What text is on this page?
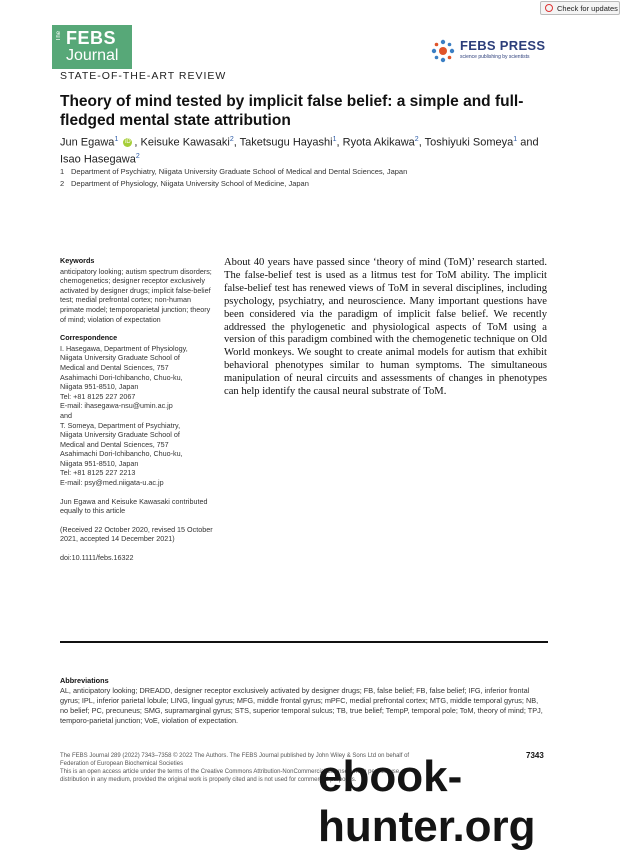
Check for updates
The FEBS
Journal
FEBS PRESS
science publishing by scientists
STATE-OF-THE-ART REVIEW
Theory of mind tested by implicit false belief: a simple and full-fledged mental state attribution
Jun Egawa$^1$ iD , Keisuke Kawasaki$^2$, Taketsugu Hayashi$^1$, Ryota Akikawa$^2$, Toshiyuki Someya$^1$ and
Isao Hasegawa$^2$
1 Department of Psychiatry, Niigata University Graduate School of Medical and Dental Sciences, Japan
2 Department of Physiology, Niigata University School of Medicine, Japan
Keywords
anticipatory looking; autism spectrum disorders; chemogenetics; designer receptor exclusively activated by designer drugs; implicit false-belief test; medial prefrontal cortex; non-human primate model; temporoparietal junction; theory of mind; violation of expectation
Correspondence
I. Hasegawa, Department of Physiology,
Niigata University Graduate School of
Medical and Dental Sciences, 757
Asahimachi Dori-Ichibancho, Chuo-ku,
Niigata 951-8510, Japan
Tel: +81 8125 227 2067
E-mail: ihasegawa-nsu@umin.ac.jp
and
T. Someya, Department of Psychiatry,
Niigata University Graduate School of
Medical and Dental Sciences, 757
Asahimachi Dori-Ichibancho, Chuo-ku,
Niigata 951-8510, Japan
Tel: +81 8125 227 2213
E-mail: psy@med.niigata-u.ac.jp
Jun Egawa and Keisuke Kawasaki contributed equally to this article
(Received 22 October 2020, revised 15 October 2021, accepted 14 December 2021)
doi:10.1111/febs.16322
About 40 years have passed since ‘theory of mind (ToM)’ research started. The false-belief test is used as a litmus test for ToM ability. The implicit false-belief test has renewed views of ToM in several disciplines, including psychology, psychiatry, and neuroscience. Many important questions have been considered via the paradigm of implicit false belief. We recently addressed the phylogenetic and physiological aspects of ToM using a version of this paradigm combined with the chemogenetic technique on Old World monkeys. We sought to create animal models for autism that exhibit behavioral phenotypes similar to human symptoms. The simultaneous manipulation of neural circuits and assessments of changes in phenotypes can help identify the causal neural substrate of ToM.
Abbreviations
AL, anticipatory looking; DREADD, designer receptor exclusively activated by designer drugs; FB, false belief; FB, false belief; IFG, inferior frontal gyrus; IPL, inferior parietal lobule; LING, lingual gyrus; MFG, middle frontal gyrus; mPFC, medial prefrontal cortex; MTG, middle temporal gyrus; NB, no belief; PC, precuneus; SMG, supramarginal gyrus; STS, superior temporal sulcus; TB, true belief; TempP, temporal pole; ToM, theory of mind; TPJ, temporo-parietal junction; VoE, violation of expectation.
The FEBS Journal 289 (2022) 7343–7358 © 2022 The Authors. The FEBS Journal published by John Wiley & Sons Ltd on behalf of
Federation of European Biochemical Societies
This is an open access article under the terms of the Creative Commons Attribution-NonCommercial License, which permits use,
distribution in any medium, provided the original work is properly cited and is not used for commercial purposes.
7343
ebook-hunter.org
